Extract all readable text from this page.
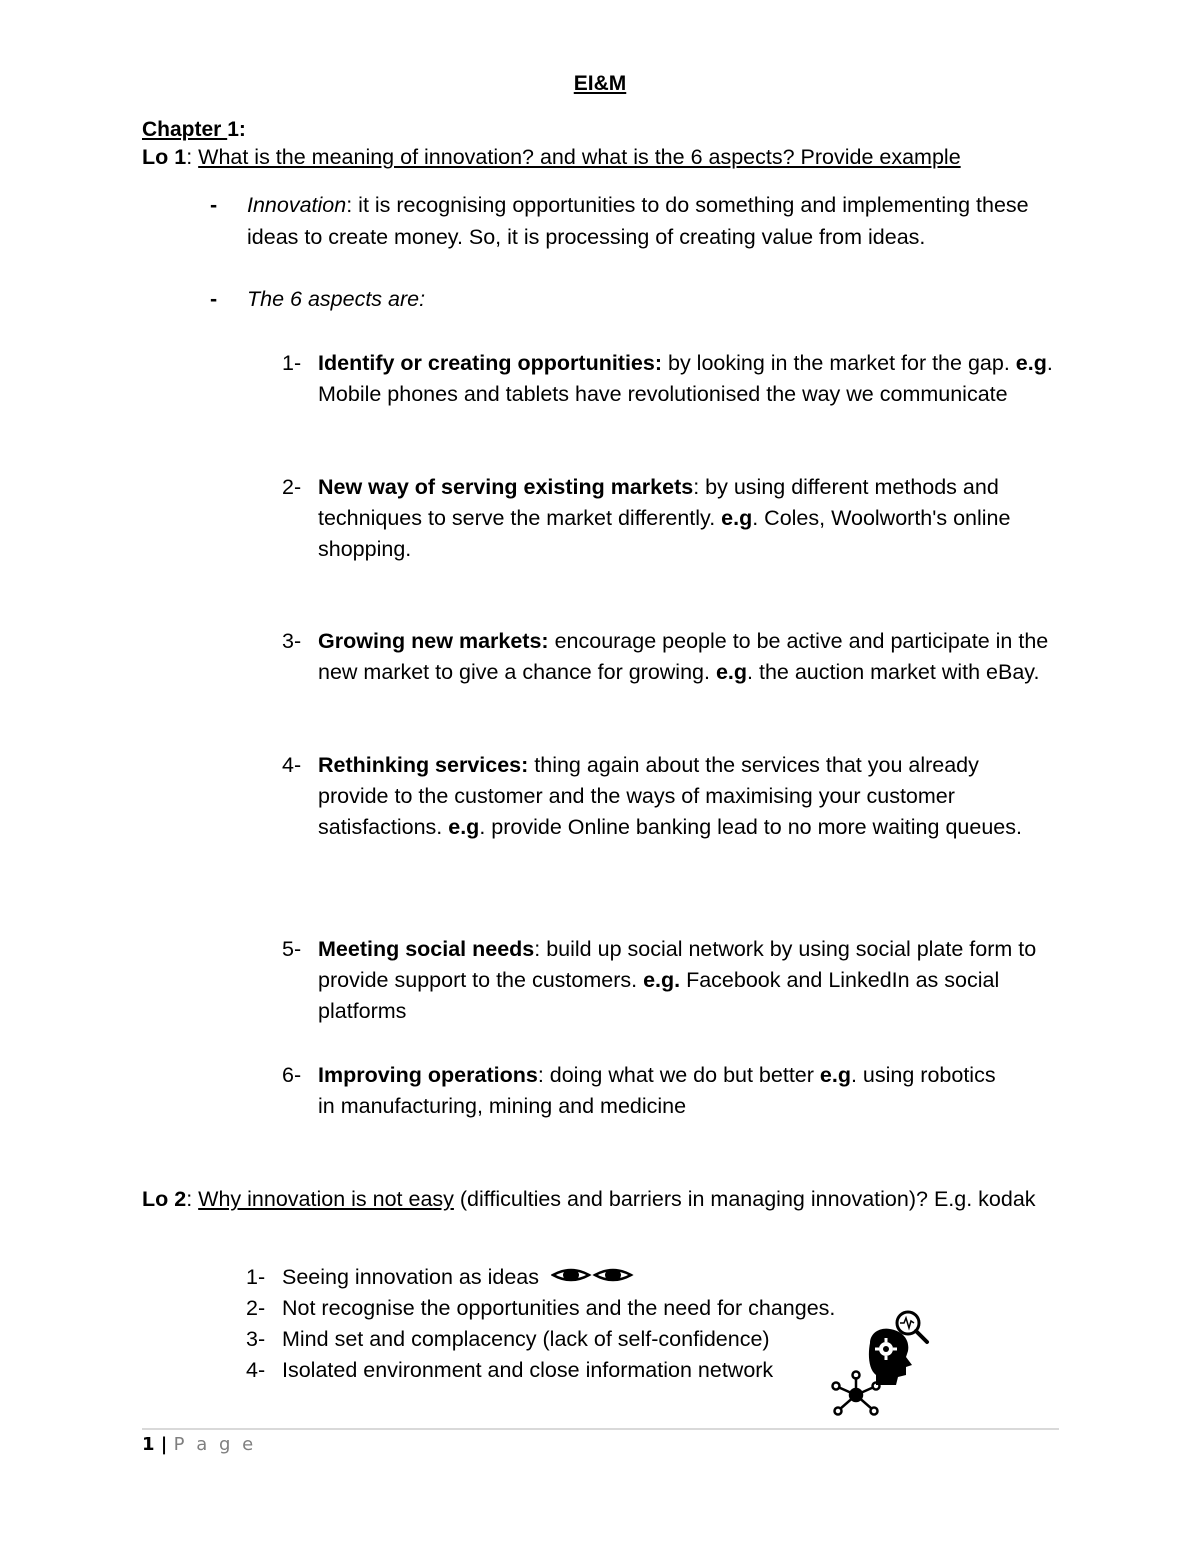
EI&M
Chapter 1:
Lo 1: What is the meaning of innovation? and what is the 6 aspects? Provide example
- Innovation: it is recognising opportunities to do something and implementing these ideas to create money. So, it is processing of creating value from ideas.
- The 6 aspects are:
1- Identify or creating opportunities: by looking in the market for the gap. e.g. Mobile phones and tablets have revolutionised the way we communicate
2- New way of serving existing markets: by using different methods and techniques to serve the market differently. e.g. Coles, Woolworth's online shopping.
3- Growing new markets: encourage people to be active and participate in the new market to give a chance for growing. e.g. the auction market with eBay.
4- Rethinking services: thing again about the services that you already provide to the customer and the ways of maximising your customer satisfactions. e.g. provide Online banking lead to no more waiting queues.
5- Meeting social needs: build up social network by using social plate form to provide support to the customers. e.g. Facebook and LinkedIn as social platforms
6- Improving operations: doing what we do but better e.g. using robotics in manufacturing, mining and medicine
Lo 2: Why innovation is not easy (difficulties and barriers in managing innovation)? E.g. kodak
1- Seeing innovation as ideas
2- Not recognise the opportunities and the need for changes.
3- Mind set and complacency (lack of self-confidence)
4- Isolated environment and close information network
1 | P a g e
